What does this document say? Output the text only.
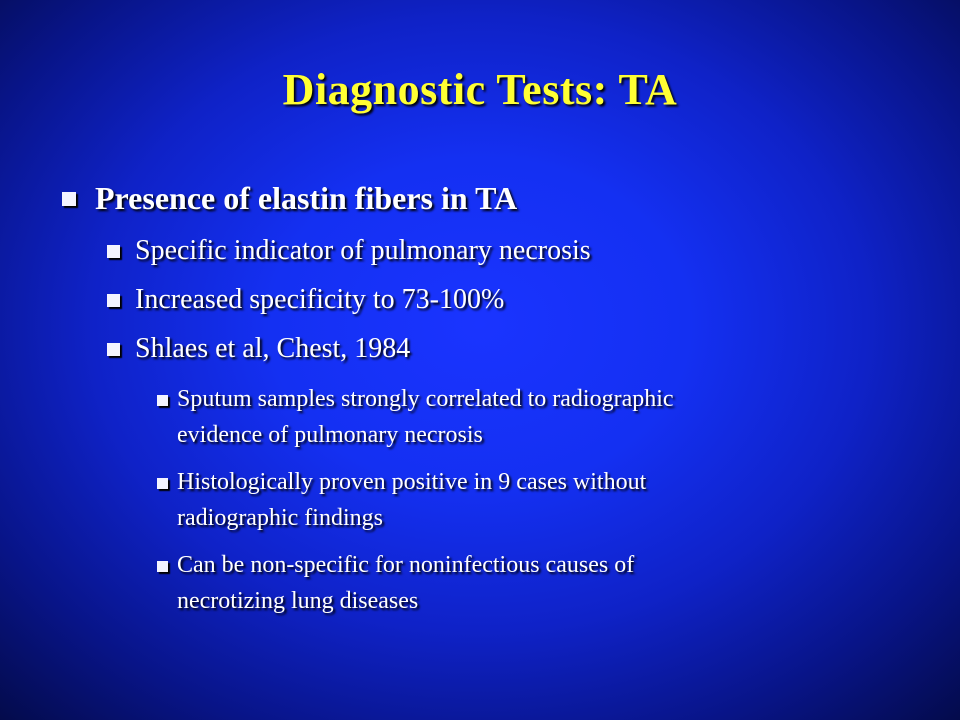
Diagnostic Tests: TA
Presence of elastin fibers in TA
Specific indicator of pulmonary necrosis
Increased specificity to 73-100%
Shlaes et al, Chest, 1984
Sputum samples strongly correlated to radiographic
evidence of pulmonary necrosis
Histologically proven positive in 9 cases without
radiographic findings
Can be non-specific for noninfectious causes of
necrotizing lung diseases
